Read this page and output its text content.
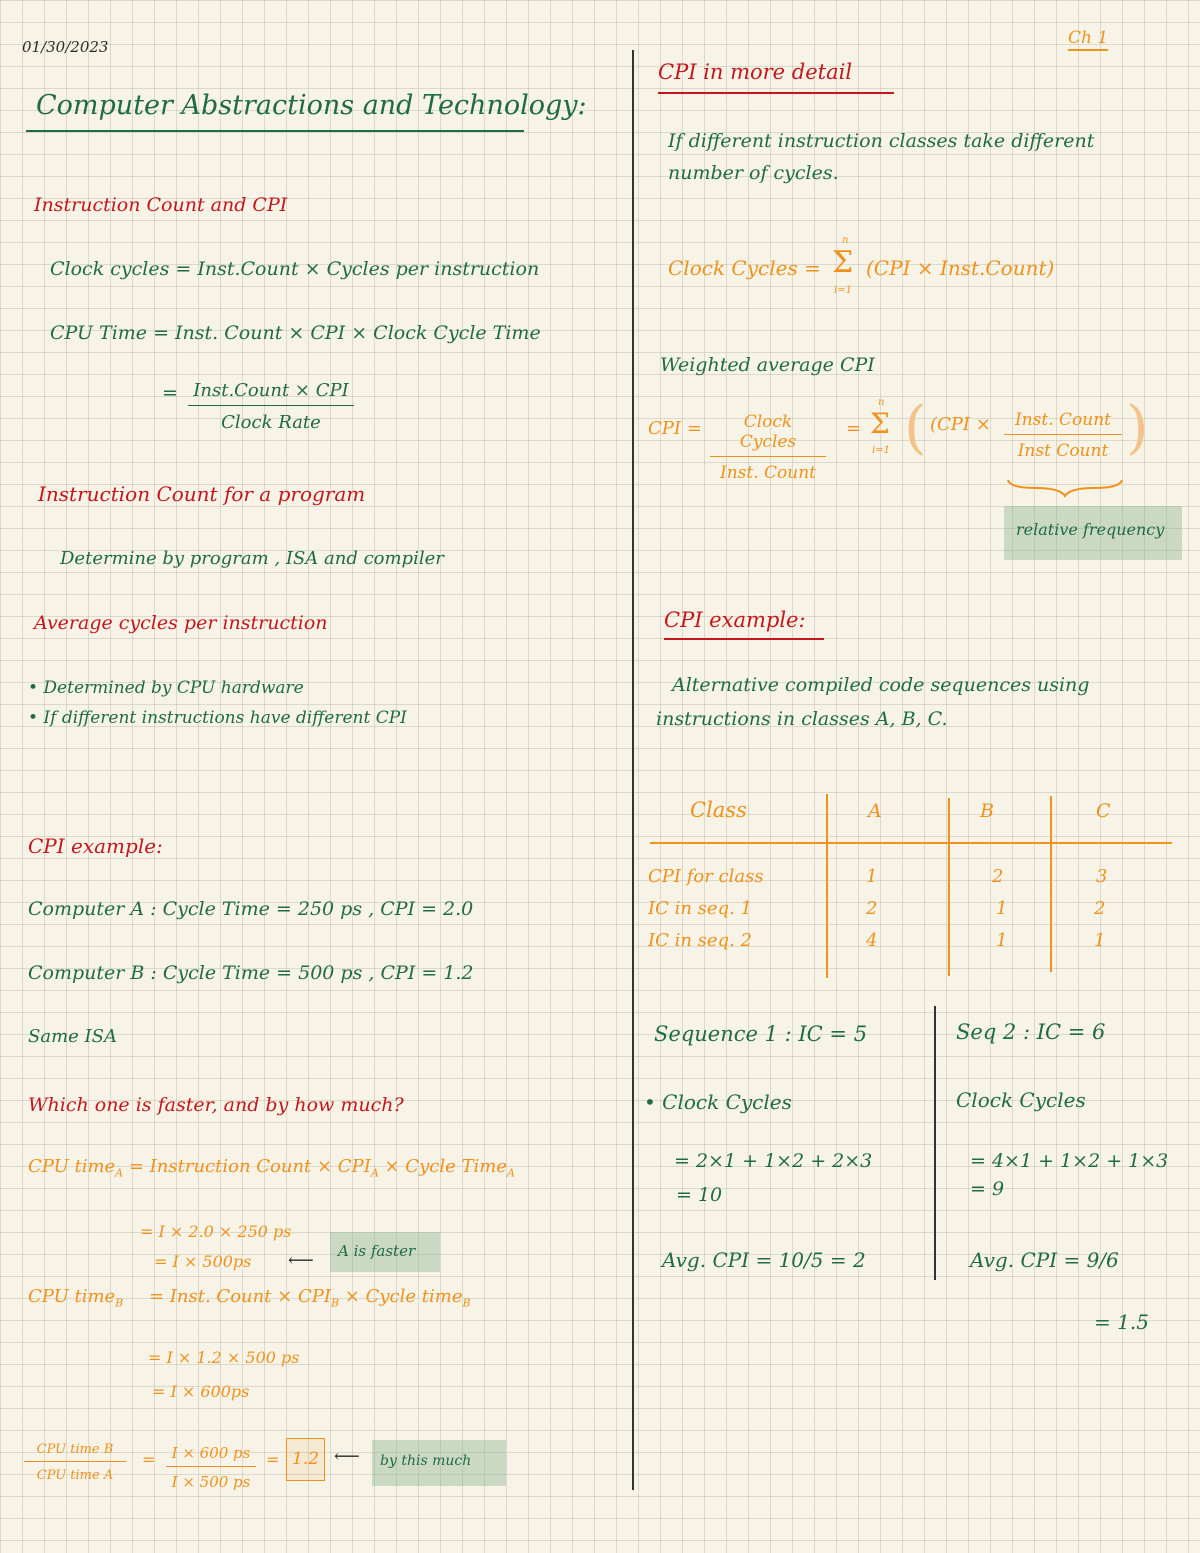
01/30/2023	Ch 1
Computer Abstractions and Technology:
Instruction Count and CPI
Clock cycles = Inst.Count × Cycles per instruction
CPU Time = Inst. Count × CPI × Clock Cycle Time
= Inst.Count × CPI
Clock Rate
Instruction Count for a program
Determine by program , ISA and compiler
Average cycles per instruction
• Determined by CPU hardware
• If different instructions have different CPI
CPI example:
Computer A : Cycle Time = 250 ps , CPI = 2.0
Computer B : Cycle Time = 500 ps , CPI = 1.2
Same ISA
Which one is faster, and by how much?
CPU time$_A$ = Instruction Count × $CPI_A$ × Cycle Time$_A$
= I × 2.0 × 250 ps
= I × 500ps ⟵ A is faster
CPU time$_B$ = Inst. Count × $CPI_B$ × Cycle time$_B$
= I × 1.2 × 500 ps
= I × 600ps
CPU time B
CPU time A
= $\frac{I \times 600 ps}{I \times 500 ps} = 1.2$ ⟵ by this much
CPI in more detail
If different instruction classes take different
number of cycles.
Clock Cycles =
n
Σ
i=1
(CPI × Inst.Count)
Weighted average CPI
CPI =	Clock Cycles
Inst. Count
=
n
Σ
i=1 ( (CPI ×	Inst. Count
Inst Count )
relative frequency
CPI example:
Alternative compiled code sequences using
instructions in classes A, B, C.
Class	A	B	C
CPI for class	1	2	3
IC in seq. 1	2	1	2
IC in seq. 2	4	1	1
Sequence 1 : IC = 5
• Clock Cycles
= 2×1 + 1×2 + 2×3
= 10
Avg. CPI = 10/5 = 2
Seq 2 : IC = 6
Clock Cycles
= 4×1 + 1×2 + 1×3
= 9
Avg. CPI = 9/6
= 1.5
